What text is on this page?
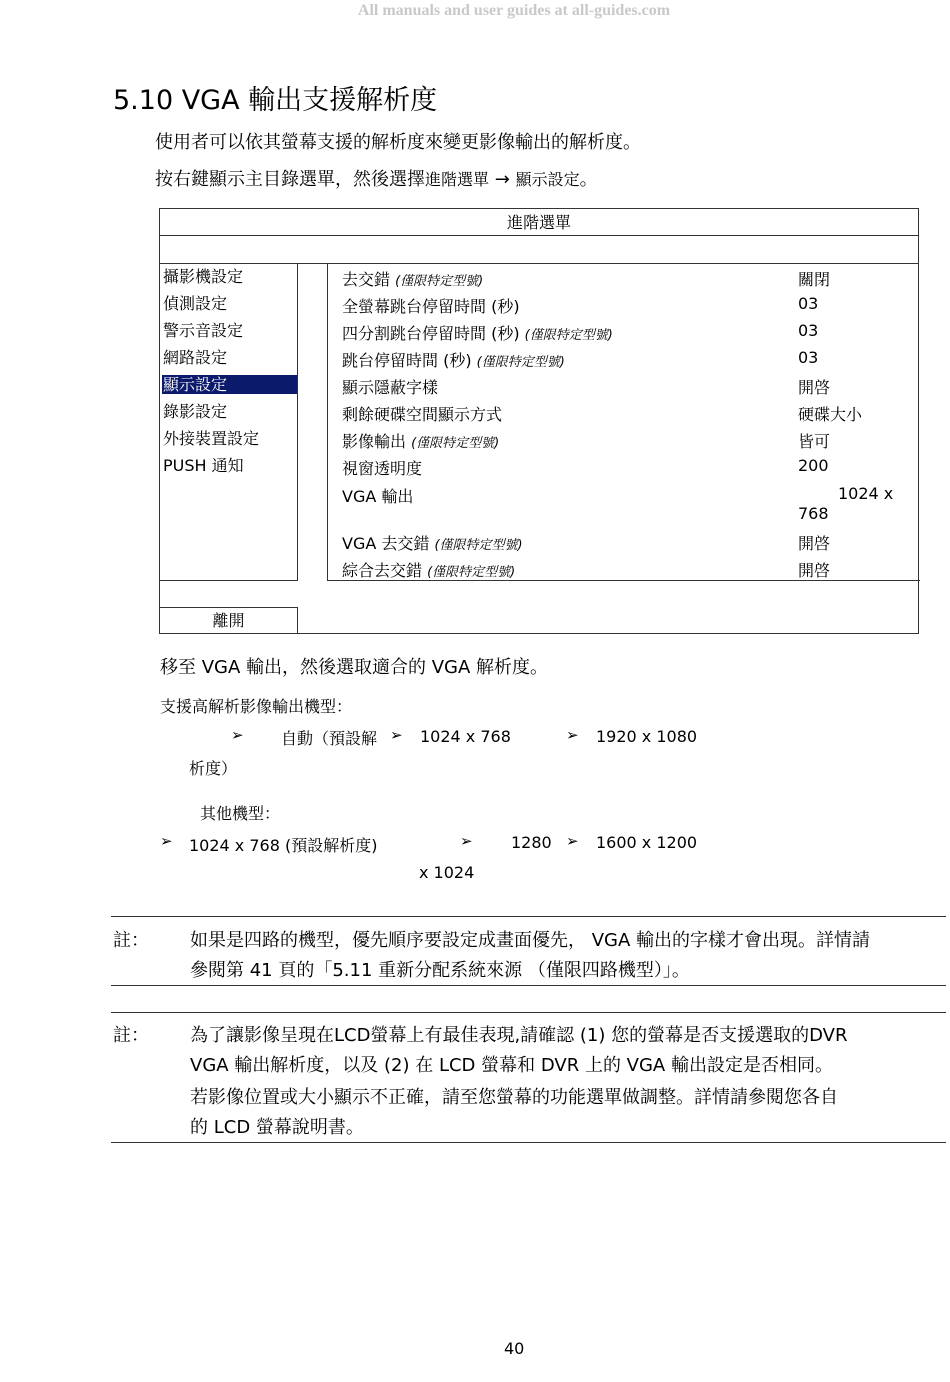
All manuals and user guides at all-guides.com
5.10 VGA 輸出支援解析度
使用者可以依其螢幕支援的解析度來變更影像輸出的解析度。
按右鍵顯示主目錄選單，然後選擇進階選單 → 顯示設定。
進階選單
攝影機設定
偵測設定
警示音設定
網路設定
顯示設定
錄影設定
外接裝置設定
PUSH 通知
去交錯 (僅限特定型號)	關閉
全螢幕跳台停留時間 (秒)	03
四分割跳台停留時間 (秒) (僅限特定型號)	03
跳台停留時間 (秒) (僅限特定型號)	03
顯示隱蔽字樣	開啓
剩餘硬碟空間顯示方式	硬碟大小
影像輸出 (僅限特定型號)	皆可
視窗透明度	200
VGA 輸出	1024 x
768
VGA 去交錯 (僅限特定型號)	開啓
綜合去交錯 (僅限特定型號)	開啓
離開
移至 VGA 輸出，然後選取適合的 VGA 解析度。
支援高解析影像輸出機型：
➢ 自動（預設解
析度）
➢ 1024 x 768	➢ 1920 x 1080
其他機型：
➢ 1024 x 768 (預設解析度)	➢ 1280
x 1024
➢ 1600 x 1200
註： 如果是四路的機型，優先順序要設定成畫面優先， VGA 輸出的字樣才會出現。詳情請
參閱第 41 頁的「5.11 重新分配系統來源 （僅限四路機型）」。
註： 為了讓影像呈現在LCD螢幕上有最佳表現,請確認 (1) 您的螢幕是否支援選取的DVR
VGA 輸出解析度，以及 (2) 在 LCD 螢幕和 DVR 上的 VGA 輸出設定是否相同。
若影像位置或大小顯示不正確，請至您螢幕的功能選單做調整。詳情請參閱您各自
的 LCD 螢幕說明書。
40
